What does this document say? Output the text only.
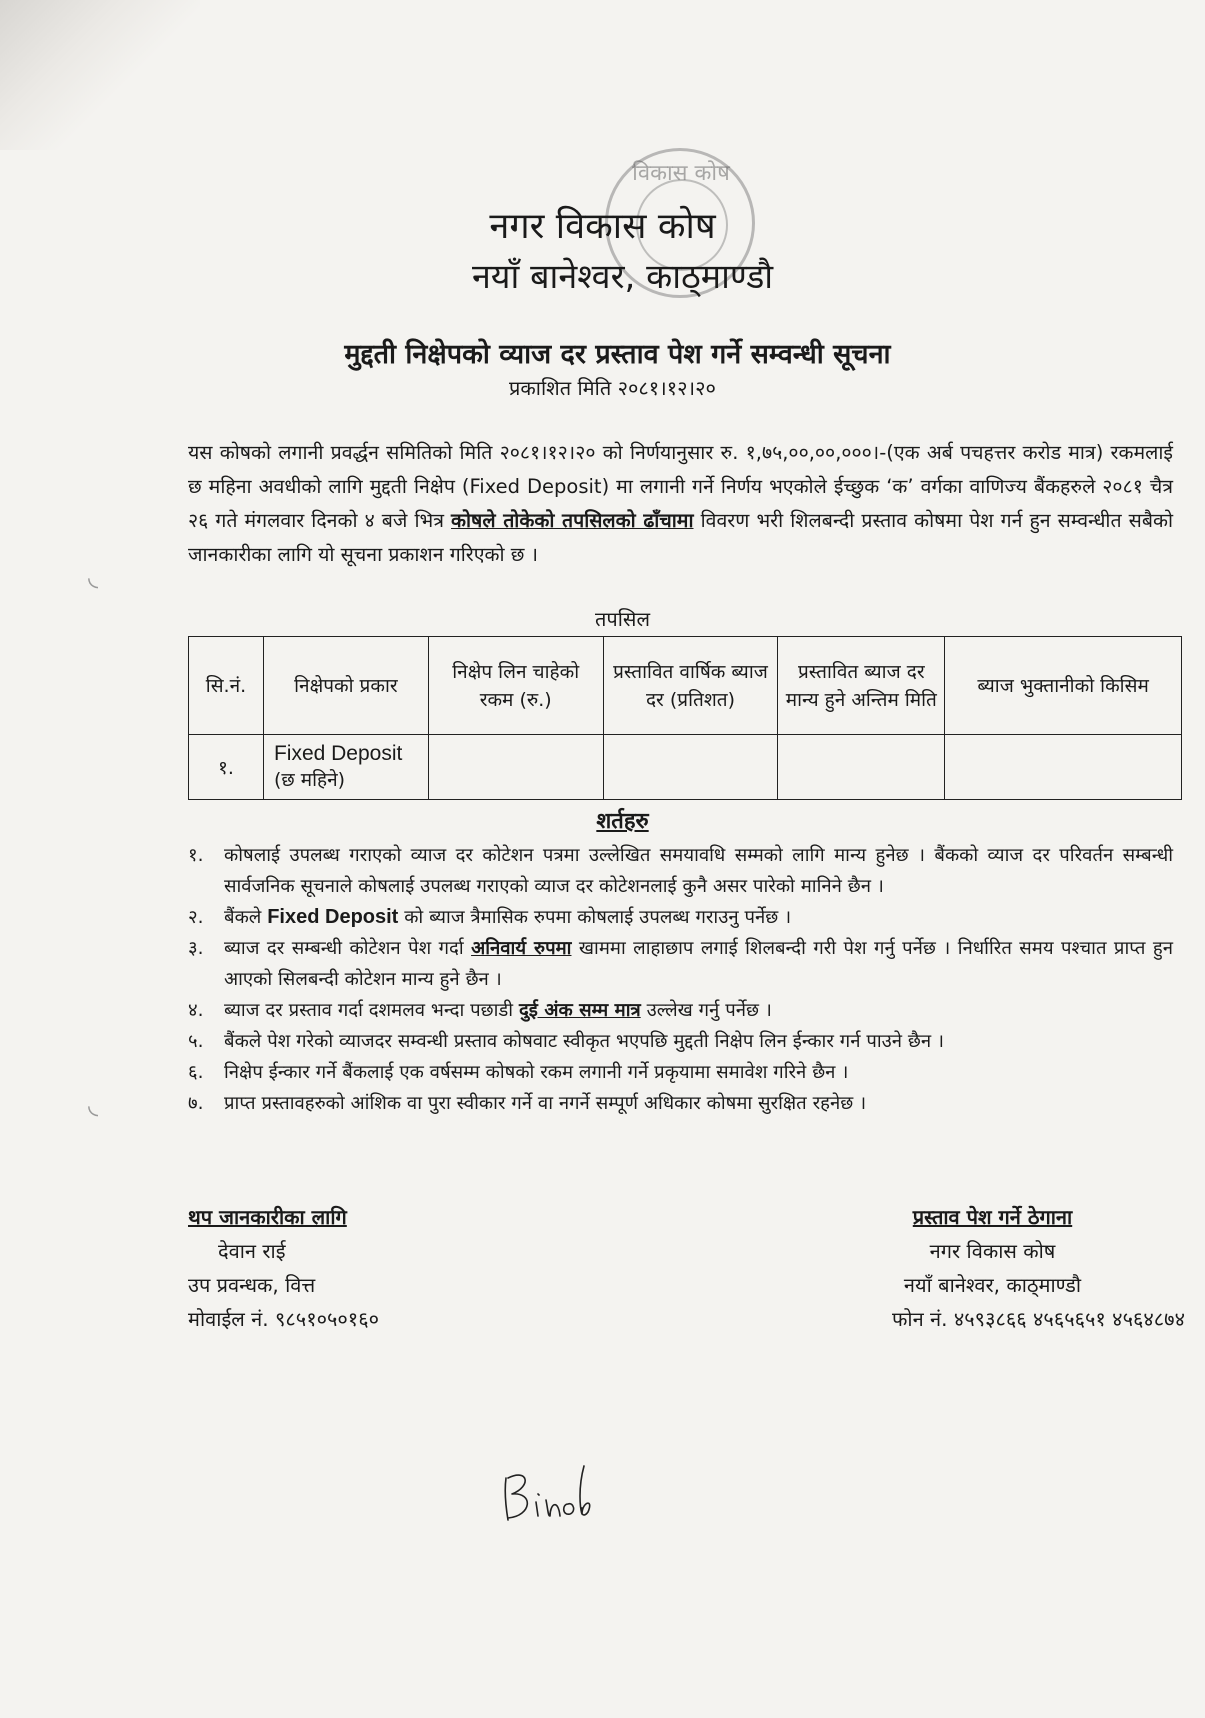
◟
◟
विकास कोष
नगर विकास कोष
नयाँ बानेश्वर, काठ्माण्डौ
मुद्दती निक्षेपको व्याज दर प्रस्ताव पेश गर्ने सम्वन्धी सूचना
प्रकाशित मिति २०८१।१२।२०
यस कोषको लगानी प्रवर्द्धन समितिको मिति २०८१।१२।२० को निर्णयानुसार रु. १,७५,००,००,०००।-(एक अर्ब पचहत्तर करोड मात्र) रकमलाई छ महिना अवधीको लागि मुद्दती निक्षेप (Fixed Deposit) मा लगानी गर्ने निर्णय भएकोले ईच्छुक ‘क’ वर्गका वाणिज्य बैंकहरुले २०८१ चैत्र २६ गते मंगलवार दिनको ४ बजे भित्र कोषले तोकेको तपसिलको ढाँचामा विवरण भरी शिलबन्दी प्रस्ताव कोषमा पेश गर्न हुन सम्वन्धीत सबैको जानकारीका लागि यो सूचना प्रकाशन गरिएको छ ।
तपसिल
सि.नं.	निक्षेपको प्रकार	निक्षेप लिन चाहेको रकम (रु.)	प्रस्तावित वार्षिक ब्याज दर (प्रतिशत)	प्रस्तावित ब्याज दर मान्य हुने अन्तिम मिति	ब्याज भुक्तानीको किसिम
१.	Fixed Deposit
(छ महिने)				

शर्तहरु
१.	कोषलाई उपलब्ध गराएको व्याज दर कोटेशन पत्रमा उल्लेखित समयावधि सम्मको लागि मान्य हुनेछ । बैंकको व्याज दर परिवर्तन सम्बन्धी सार्वजनिक सूचनाले कोषलाई उपलब्ध गराएको व्याज दर कोटेशनलाई कुनै असर पारेको मानिने छैन ।
२.	बैंकले Fixed Deposit को ब्याज त्रैमासिक रुपमा कोषलाई उपलब्ध गराउनु पर्नेछ ।
३.	ब्याज दर सम्बन्धी कोटेशन पेश गर्दा अनिवार्य रुपमा खाममा लाहाछाप लगाई शिलबन्दी गरी पेश गर्नु पर्नेछ । निर्धारित समय पश्चात प्राप्त हुन आएको सिलबन्दी कोटेशन मान्य हुने छैन ।
४.	ब्याज दर प्रस्ताव गर्दा दशमलव भन्दा पछाडी दुई अंक सम्म मात्र उल्लेख गर्नु पर्नेछ ।
५.	बैंकले पेश गरेको व्याजदर सम्वन्धी प्रस्ताव कोषवाट स्वीकृत भएपछि मुद्दती निक्षेप लिन ईन्कार गर्न पाउने छैन ।
६.	निक्षेप ईन्कार गर्ने बैंकलाई एक वर्षसम्म कोषको रकम लगानी गर्ने प्रकृयामा समावेश गरिने छैन ।
७.	प्राप्त प्रस्तावहरुको आंशिक वा पुरा स्वीकार गर्ने वा नगर्ने सम्पूर्ण अधिकार कोषमा सुरक्षित रहनेछ ।
थप जानकारीका लागि
देवान राई
उप प्रवन्धक, वित्त
मोवाईल नं. ९८५१०५०१६०
प्रस्ताव पेश गर्ने ठेगाना
नगर विकास कोष
नयाँ बानेश्वर, काठ्माण्डौ
फोन नं. ४५९३८६६ ४५६५६५१ ४५६४८७४
